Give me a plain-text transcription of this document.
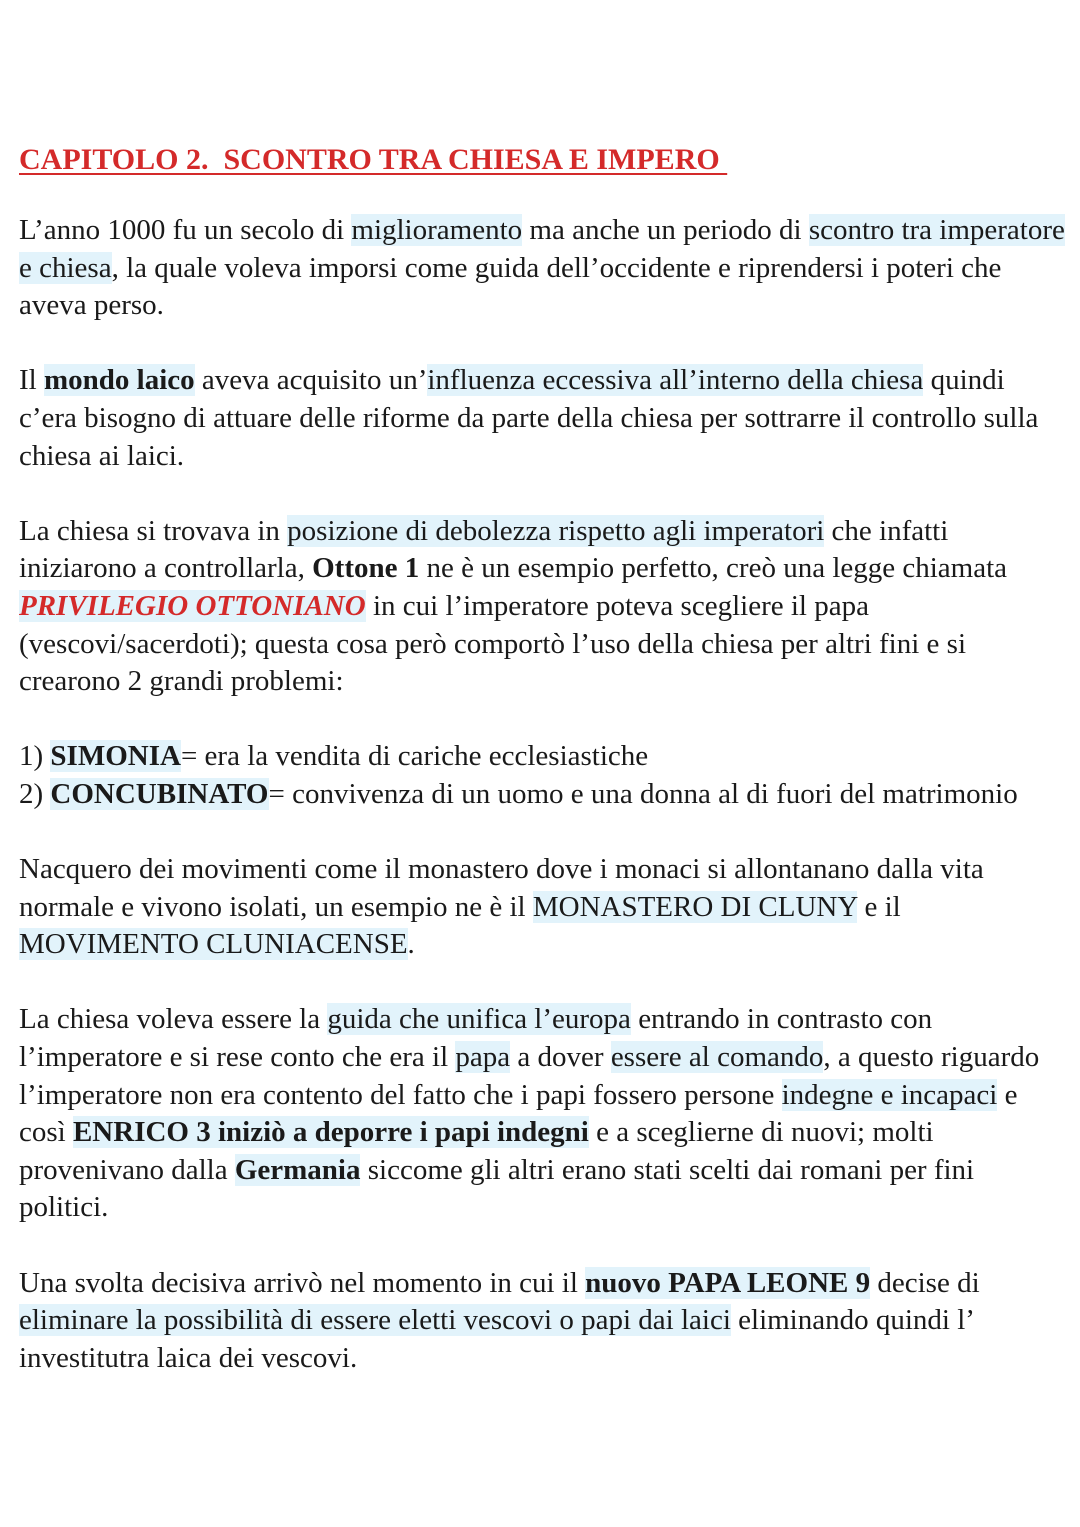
CAPITOLO 2.  SCONTRO TRA CHIESA E IMPERO

L’anno 1000 fu un secolo di miglioramento ma anche un periodo di scontro tra imperatore e chiesa, la quale voleva imporsi come guida dell’occidente e riprendersi i poteri che aveva perso.

Il mondo laico aveva acquisito un’influenza eccessiva all’interno della chiesa quindi c’era bisogno di attuare delle riforme da parte della chiesa per sottrarre il controllo sulla chiesa ai laici.

La chiesa si trovava in posizione di debolezza rispetto agli imperatori che infatti iniziarono a controllarla, Ottone 1 ne è un esempio perfetto, creò una legge chiamata PRIVILEGIO OTTONIANO in cui l’imperatore poteva scegliere il papa (vescovi/sacerdoti); questa cosa però comportò l’uso della chiesa per altri fini e si crearono 2 grandi problemi:

1) SIMONIA= era la vendita di cariche ecclesiastiche
2) CONCUBINATO= convivenza di un uomo e una donna al di fuori del matrimonio

Nacquero dei movimenti come il monastero dove i monaci si allontanano dalla vita normale e vivono isolati, un esempio ne è il MONASTERO DI CLUNY e il MOVIMENTO CLUNIACENSE.

La chiesa voleva essere la guida che unifica l’europa entrando in contrasto con l’imperatore e si rese conto che era il papa a dover essere al comando, a questo riguardo l’imperatore non era contento del fatto che i papi fossero persone indegne e incapaci e così ENRICO 3 iniziò a deporre i papi indegni e a sceglierne di nuovi; molti provenivano dalla Germania siccome gli altri erano stati scelti dai romani per fini politici.

Una svolta decisiva arrivò nel momento in cui il nuovo PAPA LEONE 9 decise di eliminare la possibilità di essere eletti vescovi o papi dai laici eliminando quindi l’ investitutra laica dei vescovi.
